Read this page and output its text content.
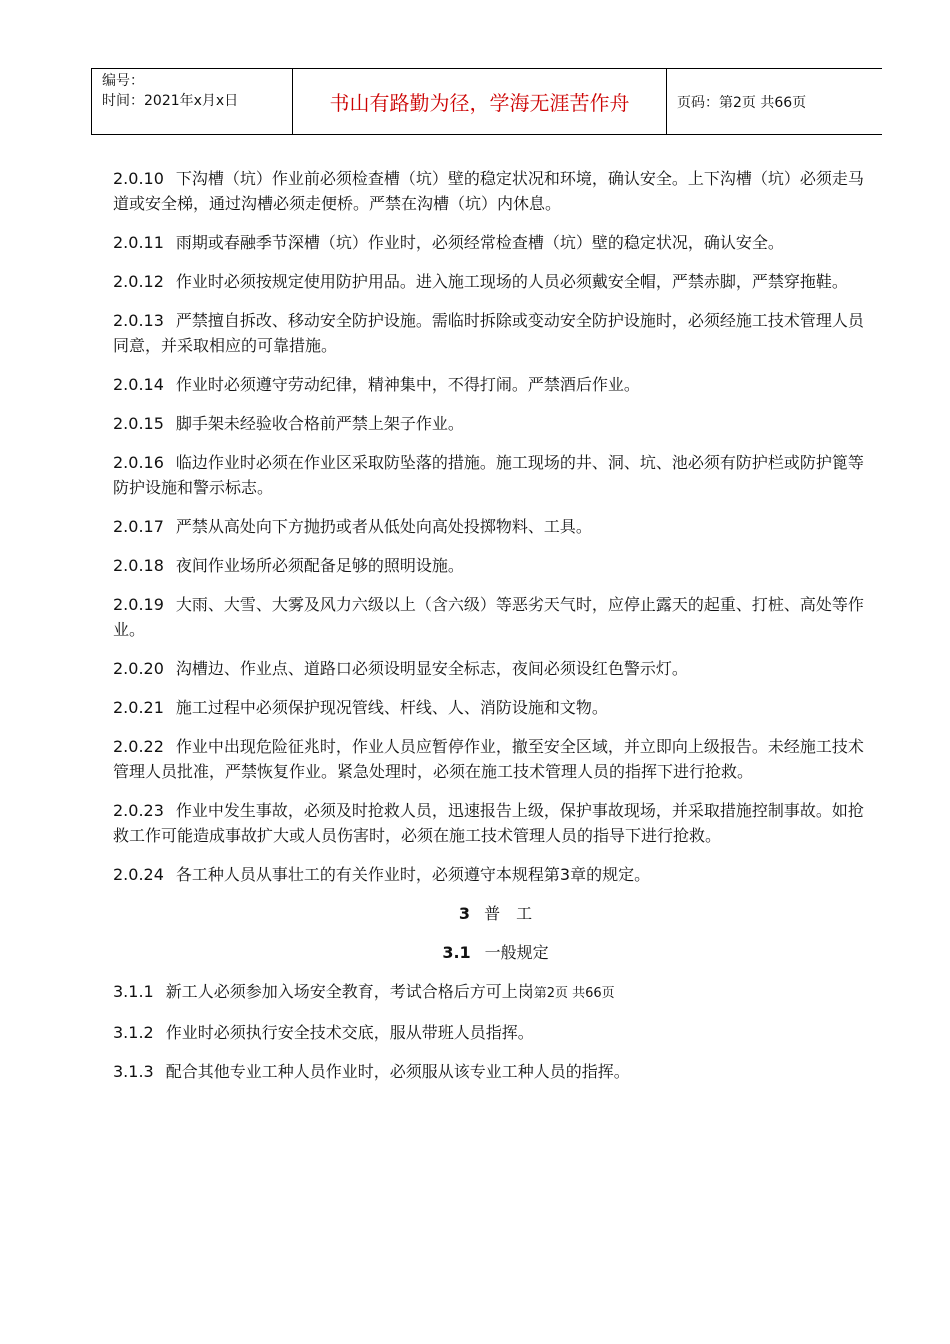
编号：
时间：2021年x月x日	书山有路勤为径，学海无涯苦作舟	页码：第2页 共66页

2.0.10 下沟槽（坑）作业前必须检查槽（坑）壁的稳定状况和环境，确认安全。上下沟槽（坑）必须走马道或安全梯，通过沟槽必须走便桥。严禁在沟槽（坑）内休息。

2.0.11 雨期或春融季节深槽（坑）作业时，必须经常检查槽（坑）壁的稳定状况，确认安全。

2.0.12 作业时必须按规定使用防护用品。进入施工现场的人员必须戴安全帽，严禁赤脚，严禁穿拖鞋。

2.0.13 严禁擅自拆改、移动安全防护设施。需临时拆除或变动安全防护设施时，必须经施工技术管理人员同意，并采取相应的可靠措施。

2.0.14 作业时必须遵守劳动纪律，精神集中，不得打闹。严禁酒后作业。

2.0.15 脚手架未经验收合格前严禁上架子作业。

2.0.16 临边作业时必须在作业区采取防坠落的措施。施工现场的井、洞、坑、池必须有防护栏或防护篦等防护设施和警示标志。

2.0.17 严禁从高处向下方抛扔或者从低处向高处投掷物料、工具。

2.0.18 夜间作业场所必须配备足够的照明设施。

2.0.19 大雨、大雪、大雾及风力六级以上（含六级）等恶劣天气时，应停止露天的起重、打桩、高处等作业。

2.0.20 沟槽边、作业点、道路口必须设明显安全标志，夜间必须设红色警示灯。

2.0.21 施工过程中必须保护现况管线、杆线、人、消防设施和文物。

2.0.22 作业中出现危险征兆时，作业人员应暂停作业，撤至安全区域，并立即向上级报告。未经施工技术管理人员批准，严禁恢复作业。紧急处理时，必须在施工技术管理人员的指挥下进行抢救。

2.0.23 作业中发生事故，必须及时抢救人员，迅速报告上级，保护事故现场，并采取措施控制事故。如抢救工作可能造成事故扩大或人员伤害时，必须在施工技术管理人员的指导下进行抢救。

2.0.24 各工种人员从事壮工的有关作业时，必须遵守本规程第3章的规定。

3 普　工
3.1 一般规定

3.1.1 新工人必须参加入场安全教育，考试合格后方可上岗第2页 共66页

3.1.2 作业时必须执行安全技术交底，服从带班人员指挥。

3.1.3 配合其他专业工种人员作业时，必须服从该专业工种人员的指挥。
